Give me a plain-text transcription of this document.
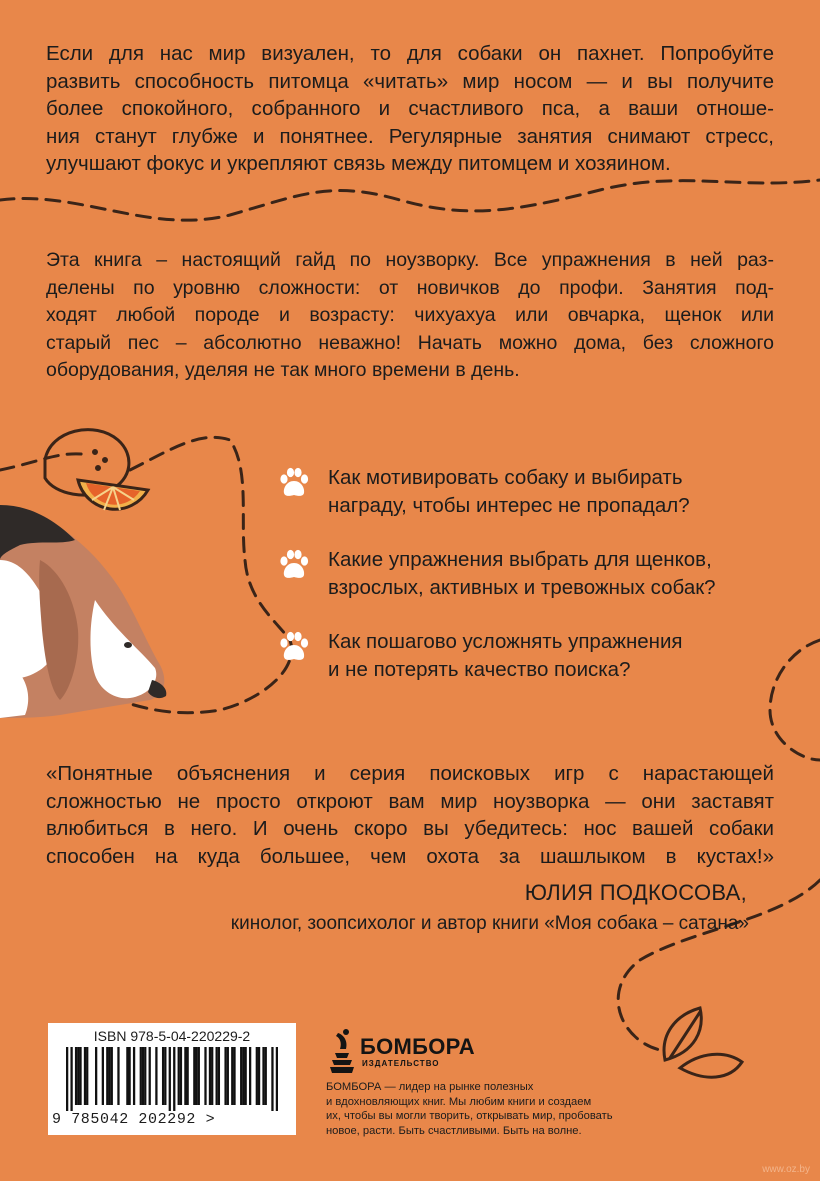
Если для нас мир визуален, то для собаки он пахнет. Попробуйте
развить способность питомца «читать» мир носом — и вы получите
более спокойного, собранного и счастливого пса, а ваши отноше-
ния станут глубже и понятнее. Регулярные занятия снимают стресс,
улучшают фокус и укрепляют связь между питомцем и хозяином.

Эта книга – настоящий гайд по ноузворку. Все упражнения в ней раз-
делены по уровню сложности: от новичков до профи. Занятия под-
ходят любой породе и возрасту: чихуахуа или овчарка, щенок или
старый пес – абсолютно неважно! Начать можно дома, без сложного
оборудования, уделяя не так много времени в день.

Как мотивировать собаку и выбирать
награду, чтобы интерес не пропадал?
Какие упражнения выбрать для щенков,
взрослых, активных и тревожных собак?
Как пошагово усложнять упражнения
и не потерять качество поиска?

«Понятные объяснения и серия поисковых игр с нарастающей
сложностью не просто откроют вам мир ноузворка — они заставят
влюбиться в него. И очень скоро вы убедитесь: нос вашей собаки
способен на куда большее, чем охота за шашлыком в кустах!»

ЮЛИЯ ПОДКОСОВА,
кинолог, зоопсихолог и автор книги «Моя собака – сатана»
ISBN 978-5-04-220229-2
9 785042 202292 >
БОМБОРА
ИЗДАТЕЛЬСТВО
БОМБОРА — лидер на рынке полезных
и вдохновляющих книг. Мы любим книги и создаем
их, чтобы вы могли творить, открывать мир, пробовать
новое, расти. Быть счастливыми. Быть на волне.
www.oz.by
